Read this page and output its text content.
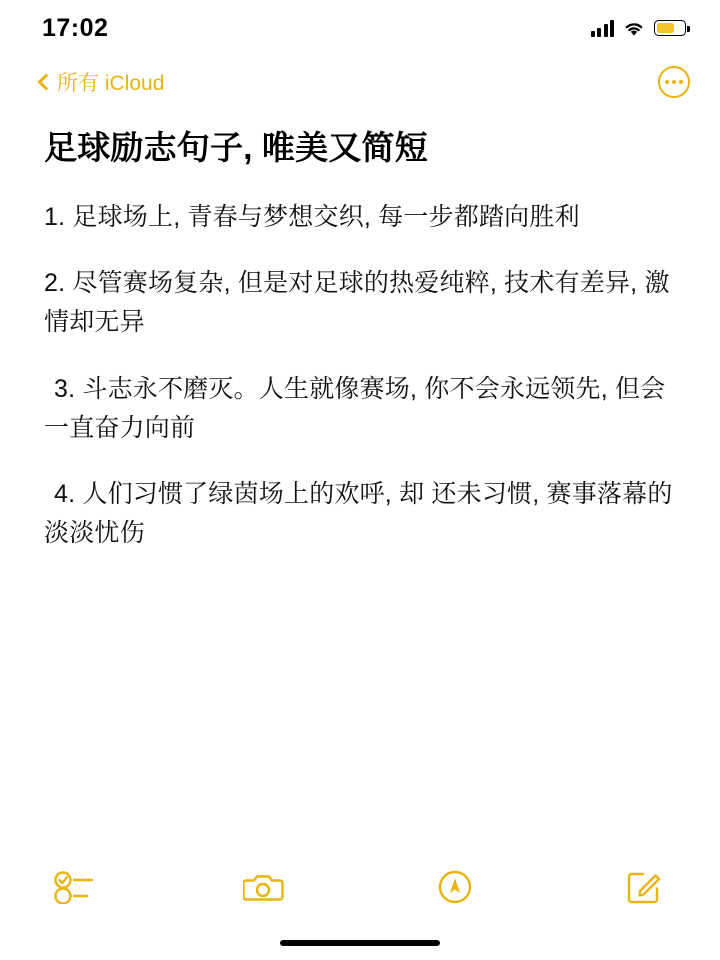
17:02
所有 iCloud
足球励志句子, 唯美又简短
1. 足球场上, 青春与梦想交织, 每一步都踏向胜利
2. 尽管赛场复杂, 但是对足球的热爱纯粹, 技术有差异, 激情却无异
3. 斗志永不磨灭。人生就像赛场, 你不会永远领先, 但会一直奋力向前
4. 人们习惯了绿茵场上的欢呼, 却 还未习惯, 赛事落幕的淡淡忧伤
